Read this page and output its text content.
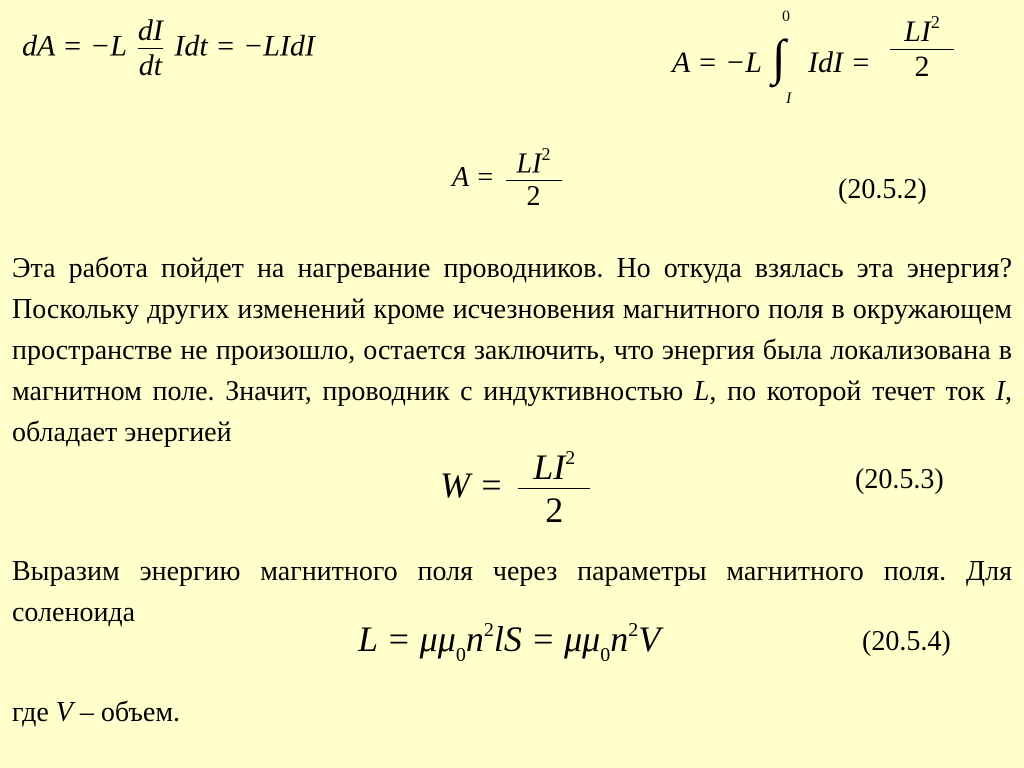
dA = $-L \frac{dI}{dt}$ Idt = −LIdI
A = −L ∫
0
I
IdI =
$LI^2$
2
$A = \frac{LI^2}{2}$	(20.5.2)
Эта работа пойдет на нагревание проводников. Но откуда взялась эта энергия? Поскольку других изменений кроме исчезновения магнитного поля в окружающем пространстве не произошло, остается заключить, что энергия была локализована в магнитном поле. Значит, проводник с индуктивностью L, по которой течет ток I, обладает энергией
$W = \frac{LI^2}{2}$	(20.5.3)
Выразим энергию магнитного поля через параметры магнитного поля. Для соленоида
$L = \mu\mu_0n^2lS = \mu\mu_0n^2V$	(20.5.4)
где V – объем.
